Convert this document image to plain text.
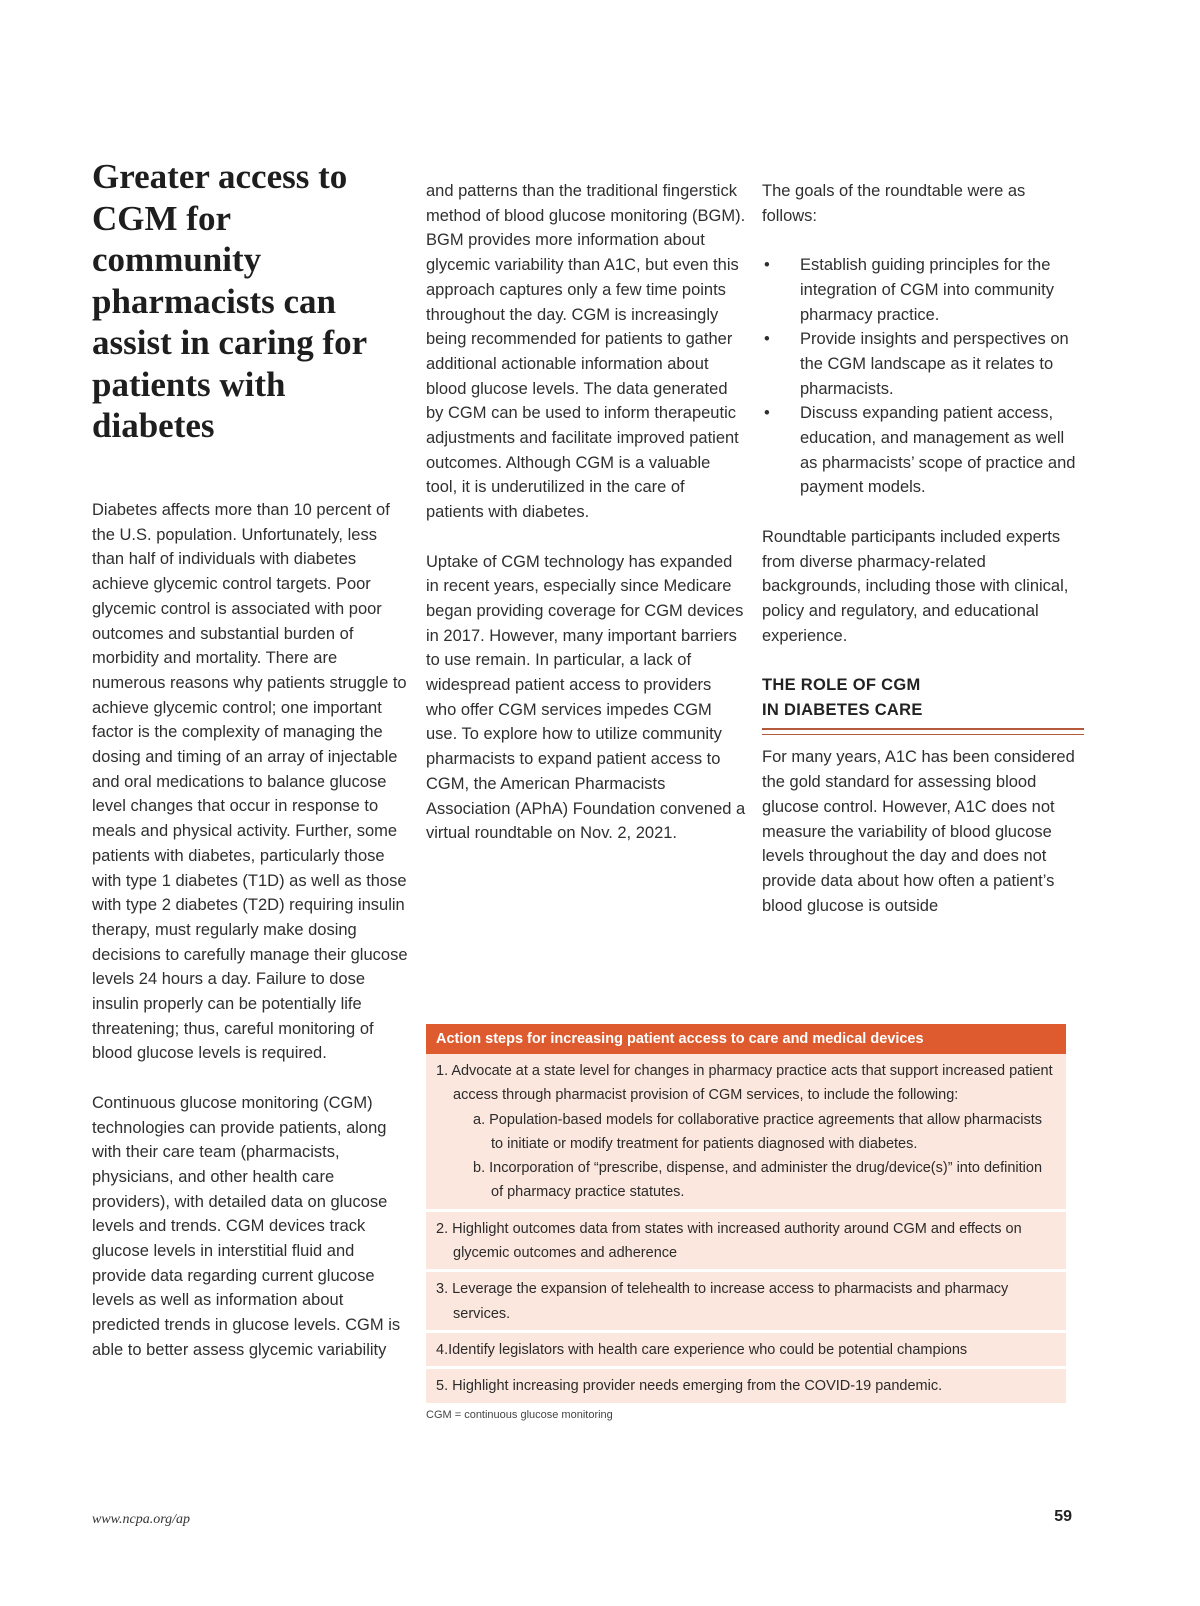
Greater access to CGM for community pharmacists can assist in caring for patients with diabetes

Diabetes affects more than 10 percent of the U.S. population. Unfortunately, less than half of individuals with diabetes achieve glycemic control targets. Poor glycemic control is associated with poor outcomes and substantial burden of morbidity and mortality. There are numerous reasons why patients struggle to achieve glycemic control; one important factor is the complexity of managing the dosing and timing of an array of injectable and oral medications to balance glucose level changes that occur in response to meals and physical activity. Further, some patients with diabetes, particularly those with type 1 diabetes (T1D) as well as those with type 2 diabetes (T2D) requiring insulin therapy, must regularly make dosing decisions to carefully manage their glucose levels 24 hours a day. Failure to dose insulin properly can be potentially life threatening; thus, careful monitoring of blood glucose levels is required.

Continuous glucose monitoring (CGM) technologies can provide patients, along with their care team (pharmacists, physicians, and other health care providers), with detailed data on glucose levels and trends. CGM devices track glucose levels in interstitial fluid and provide data regarding current glucose levels as well as information about predicted trends in glucose levels. CGM is able to better assess glycemic variability

and patterns than the traditional fingerstick method of blood glucose monitoring (BGM). BGM provides more information about glycemic variability than A1C, but even this approach captures only a few time points throughout the day. CGM is increasingly being recommended for patients to gather additional actionable information about blood glucose levels. The data generated by CGM can be used to inform therapeutic adjustments and facilitate improved patient outcomes. Although CGM is a valuable tool, it is underutilized in the care of patients with diabetes.

Uptake of CGM technology has expanded in recent years, especially since Medicare began providing coverage for CGM devices in 2017. However, many important barriers to use remain. In particular, a lack of widespread patient access to providers who offer CGM services impedes CGM use. To explore how to utilize community pharmacists to expand patient access to CGM, the American Pharmacists Association (APhA) Foundation convened a virtual roundtable on Nov. 2, 2021.

The goals of the roundtable were as follows:

• Establish guiding principles for the integration of CGM into community pharmacy practice.
• Provide insights and perspectives on the CGM landscape as it relates to pharmacists.
• Discuss expanding patient access, education, and management as well as pharmacists’ scope of practice and payment models.

Roundtable participants included experts from diverse pharmacy-related backgrounds, including those with clinical, policy and regulatory, and educational experience.

THE ROLE OF CGM
IN DIABETES CARE

For many years, A1C has been considered the gold standard for assessing blood glucose control. However, A1C does not measure the variability of blood glucose levels throughout the day and does not provide data about how often a patient’s blood glucose is outside

Action steps for increasing patient access to care and medical devices
1. Advocate at a state level for changes in pharmacy practice acts that support increased patient access through pharmacist provision of CGM services, to include the following:
a. Population-based models for collaborative practice agreements that allow pharmacists to initiate or modify treatment for patients diagnosed with diabetes.
b. Incorporation of “prescribe, dispense, and administer the drug/device(s)” into definition of pharmacy practice statutes.
2. Highlight outcomes data from states with increased authority around CGM and effects on glycemic outcomes and adherence
3. Leverage the expansion of telehealth to increase access to pharmacists and pharmacy services.
4.Identify legislators with health care experience who could be potential champions
5. Highlight increasing provider needs emerging from the COVID-19 pandemic.
CGM = continuous glucose monitoring
www.ncpa.org/ap	59
